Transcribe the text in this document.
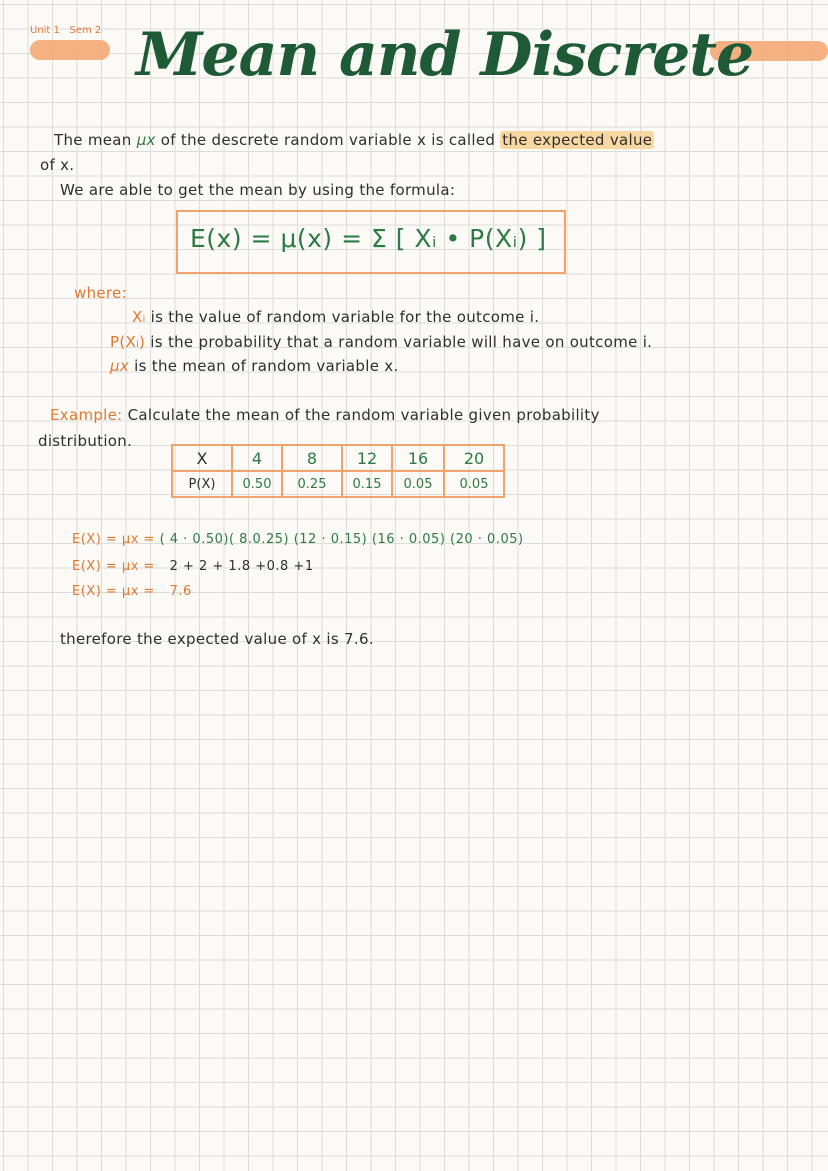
Unit 1 Sem 2 Mean and Discrete
The mean μx of the descrete random variable x is called the expected value
of x.
We are able to get the mean by using the formula:
E(x) = μ(x) = Σ [ Xᵢ • P(Xᵢ) ]
where:
Xᵢ is the value of random variable for the outcome i.
P(Xᵢ) is the probability that a random variable will have on outcome i.
μx is the mean of random variable x.
Example: Calculate the mean of the random variable given probability
distribution.
X	4	8	12	16	20
P(X)	0.50	0.25	0.15	0.05	0.05
E(X) = μx = ( 4 · 0.50)( 8.0.25) (12 · 0.15) (16 · 0.05) (20 · 0.05)
E(X) = μx = 2 + 2 + 1.8 +0.8 +1
E(X) = μx = 7.6
therefore the expected value of x is 7.6.
